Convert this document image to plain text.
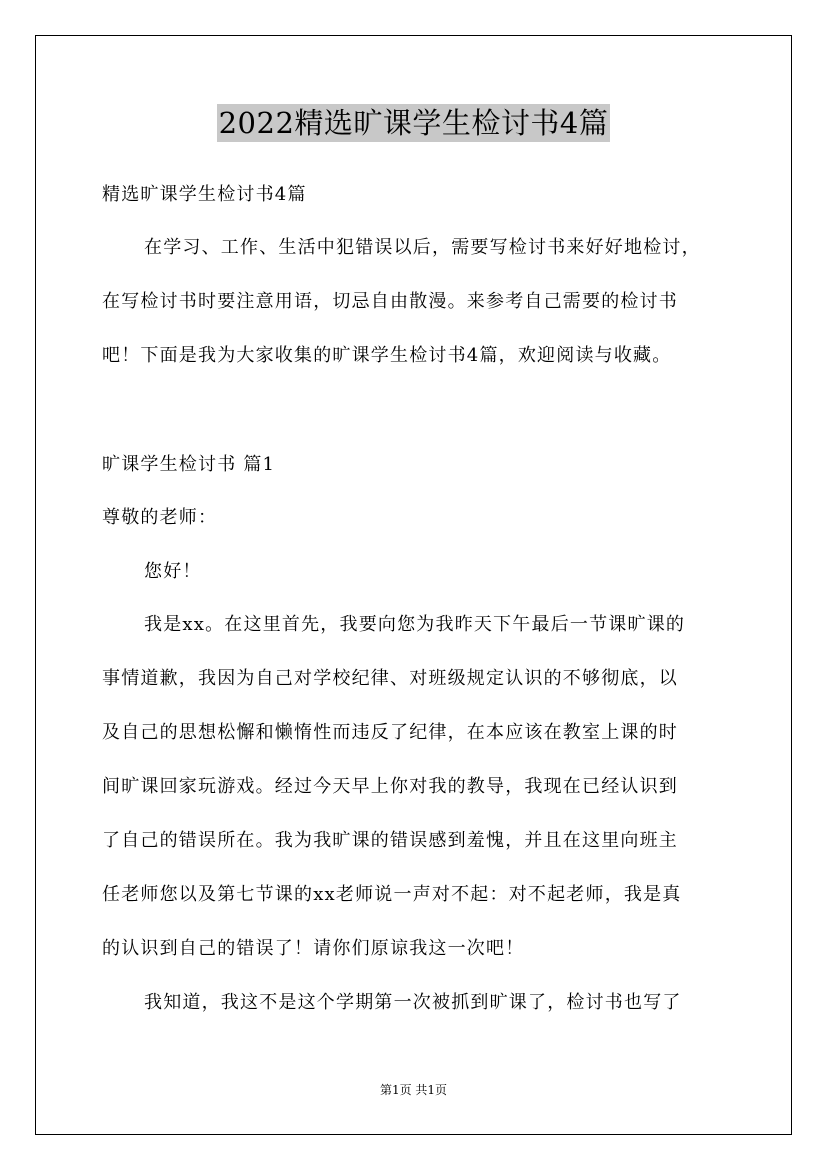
2022精选旷课学生检讨书4篇
精选旷课学生检讨书4篇
在学习、工作、生活中犯错误以后，需要写检讨书来好好地检讨，
在写检讨书时要注意用语，切忌自由散漫。来参考自己需要的检讨书
吧！下面是我为大家收集的旷课学生检讨书4篇，欢迎阅读与收藏。
旷课学生检讨书 篇1
尊敬的老师：
您好！
我是xx。在这里首先，我要向您为我昨天下午最后一节课旷课的
事情道歉，我因为自己对学校纪律、对班级规定认识的不够彻底，以
及自己的思想松懈和懒惰性而违反了纪律，在本应该在教室上课的时
间旷课回家玩游戏。经过今天早上你对我的教导，我现在已经认识到
了自己的错误所在。我为我旷课的错误感到羞愧，并且在这里向班主
任老师您以及第七节课的xx老师说一声对不起：对不起老师，我是真
的认识到自己的错误了！请你们原谅我这一次吧！
我知道，我这不是这个学期第一次被抓到旷课了，检讨书也写了
第1页 共1页
